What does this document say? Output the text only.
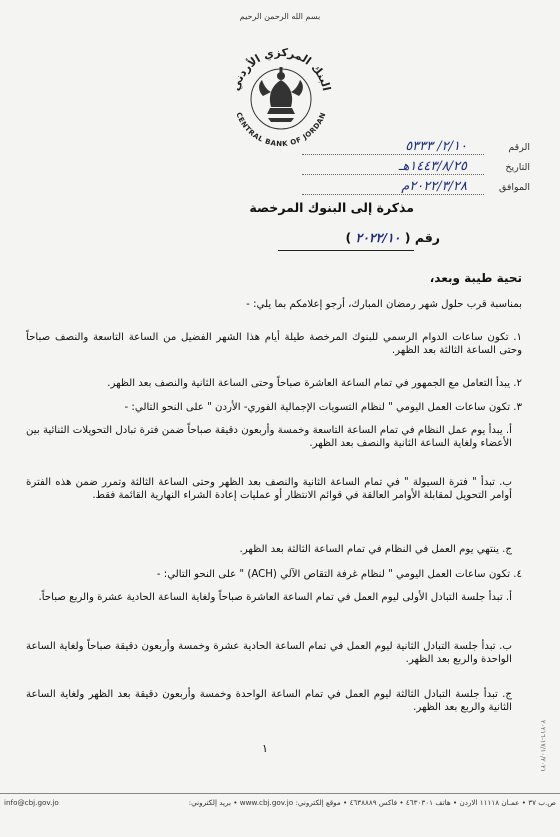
بسم الله الرحمن الرحيم
البنك المركزي الأردني
CENTRAL BANK OF JORDAN
الرقم ٢/١٠/ ٥٣٣٣
التاريخ ١٤٤٣/٨/٢٥هـ
الموافق ٢٠٢٢/٣/٢٨م
مذكرة إلى البنوك المرخصة
رقم ( ٢٠٢٢/١٠ )
تحية طيبة وبعد،
بمناسبة قرب حلول شهر رمضان المبارك، أرجو إعلامكم بما يلي: -
١. تكون ساعات الدوام الرسمي للبنوك المرخصة طيلة أيام هذا الشهر الفضيل من الساعة التاسعة والنصف صباحاً وحتى الساعة الثالثة بعد الظهر.
٢. يبدأ التعامل مع الجمهور في تمام الساعة العاشرة صباحاً وحتى الساعة الثانية والنصف بعد الظهر.
٣. تكون ساعات العمل اليومي " لنظام التسويات الإجمالية الفوري- الأردن " على النحو التالي: -
أ. يبدأ يوم عمل النظام في تمام الساعة التاسعة وخمسة وأربعون دقيقة صباحاً ضمن فترة تبادل التحويلات الثنائية بين الأعضاء ولغاية الساعة الثانية والنصف بعد الظهر.
ب. تبدأ " فترة السيولة " في تمام الساعة الثانية والنصف بعد الظهر وحتى الساعة الثالثة وتمرر ضمن هذه الفترة أوامر التحويل لمقابلة الأوامر العالقة في قوائم الانتظار أو عمليات إعادة الشراء النهارية القائمة فقط.
ج. ينتهي يوم العمل في النظام في تمام الساعة الثالثة بعد الظهر.
٤. تكون ساعات العمل اليومي " لنظام غرفة التقاص الآلي (ACH) " على النحو التالي: -
أ. تبدأ جلسة التبادل الأولى ليوم العمل في تمام الساعة العاشرة صباحاً ولغاية الساعة الحادية عشرة والربع صباحاً.
ب. تبدأ جلسة التبادل الثانية ليوم العمل في تمام الساعة الحادية عشرة وخمسة وأربعون دقيقة صباحاً ولغاية الساعة الواحدة والربع بعد الظهر.
ج. تبدأ جلسة التبادل الثالثة ليوم العمل في تمام الساعة الواحدة وخمسة وأربعون دقيقة بعد الظهر ولغاية الساعة الثانية والربع بعد الظهر.
١
١٧/١٠/٢٠٢١-٢٠٢١٦
ص.ب ٣٧ • عمـان ١١١١٨ الاردن • هاتف ٤٦٣٠٣٠١ • فاكس ٤٦٣٨٨٨٩ • موقع إلكتروني: www.cbj.gov.jo • بريد إلكتروني:
info@cbj.gov.jo
